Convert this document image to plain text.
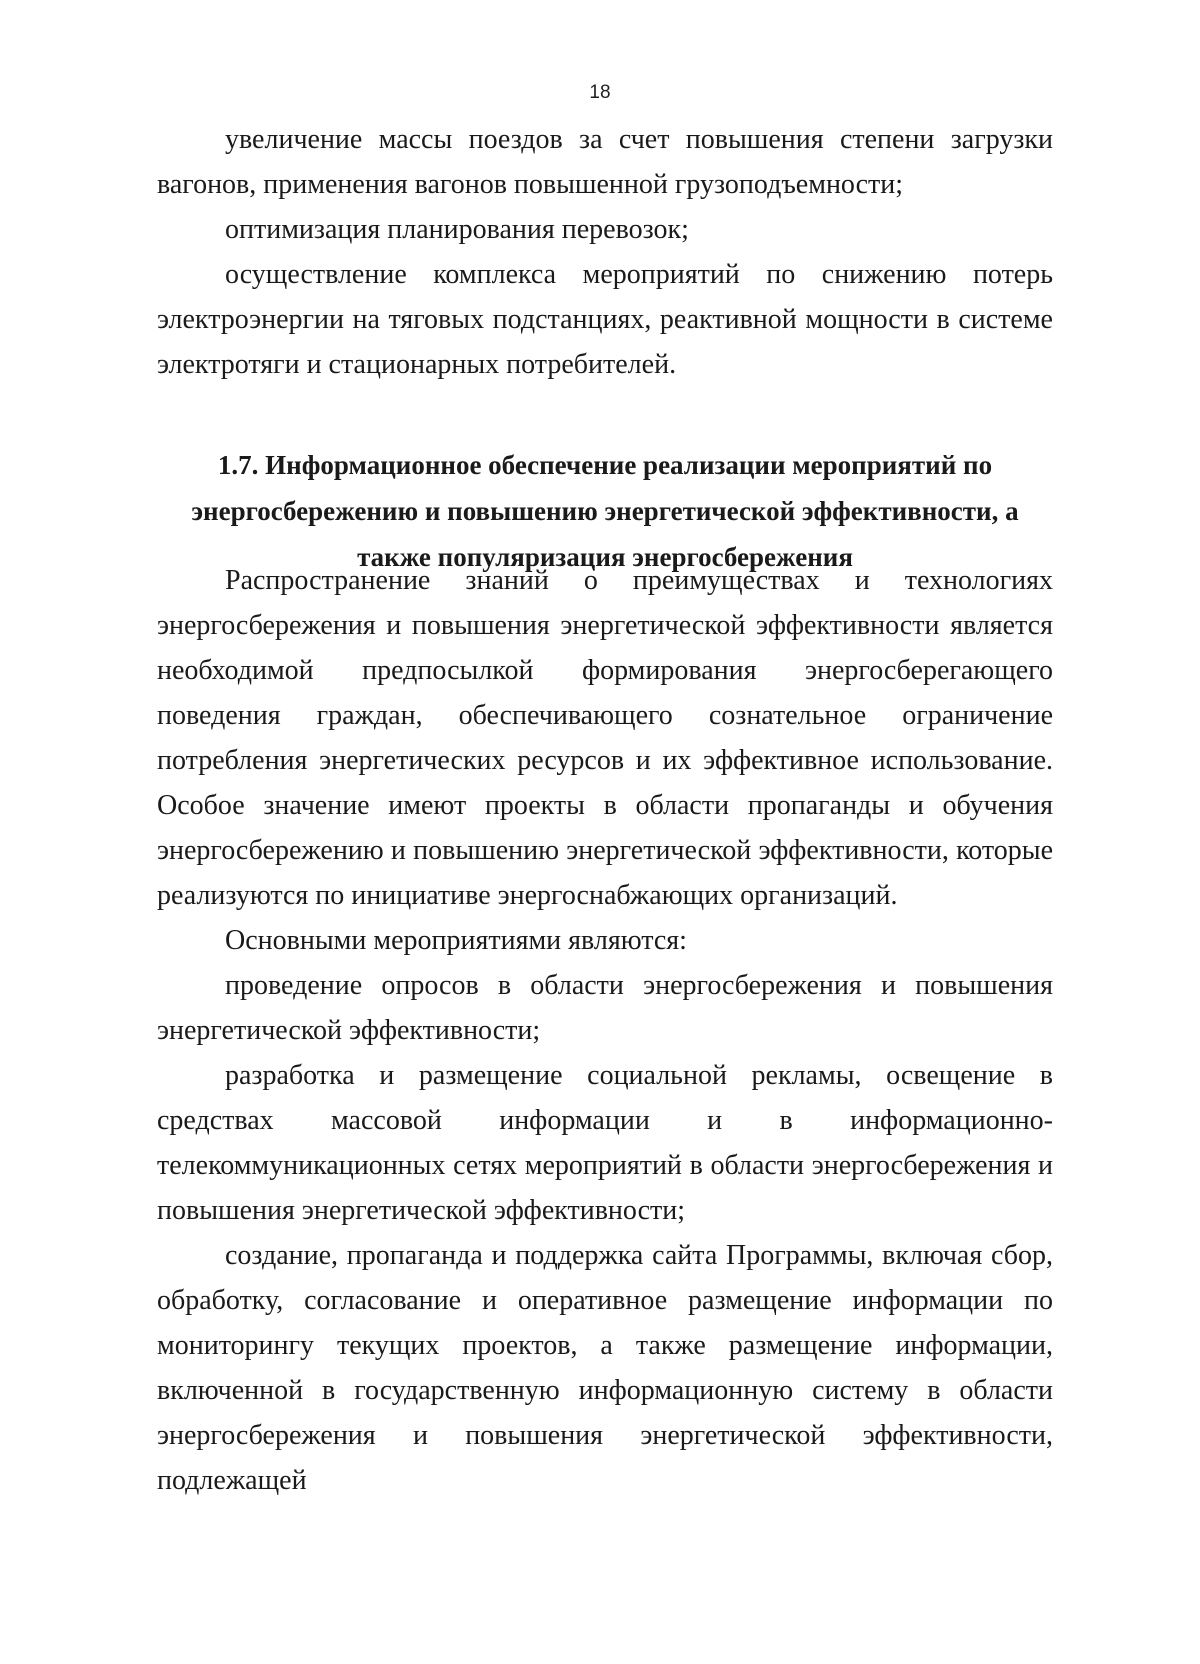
18

увеличение массы поездов за счет повышения степени загрузки вагонов, применения вагонов повышенной грузоподъемности;

оптимизация планирования перевозок;

осуществление комплекса мероприятий по снижению потерь электроэнергии на тяговых подстанциях, реактивной мощности в системе электротяги и стационарных потребителей.

1.7. Информационное обеспечение реализации мероприятий по
энергосбережению и повышению энергетической эффективности, а
также популяризация энергосбережения

Распространение знаний о преимуществах и технологиях энергосбережения и повышения энергетической эффективности является необходимой предпосылкой формирования энергосберегающего поведения граждан, обеспечивающего сознательное ограничение потребления энергетических ресурсов и их эффективное использование. Особое значение имеют проекты в области пропаганды и обучения энергосбережению и повышению энергетической эффективности, которые реализуются по инициативе энергоснабжающих организаций.

Основными мероприятиями являются:

проведение опросов в области энергосбережения и повышения энергетической эффективности;

разработка и размещение социальной рекламы, освещение в средствах массовой информации и в информационно-телекоммуникационных сетях мероприятий в области энергосбережения и повышения энергетической эффективности;

создание, пропаганда и поддержка сайта Программы, включая сбор, обработку, согласование и оперативное размещение информации по мониторингу текущих проектов, а также размещение информации, включенной в государственную информационную систему в области энергосбережения и повышения энергетической эффективности, подлежащей
